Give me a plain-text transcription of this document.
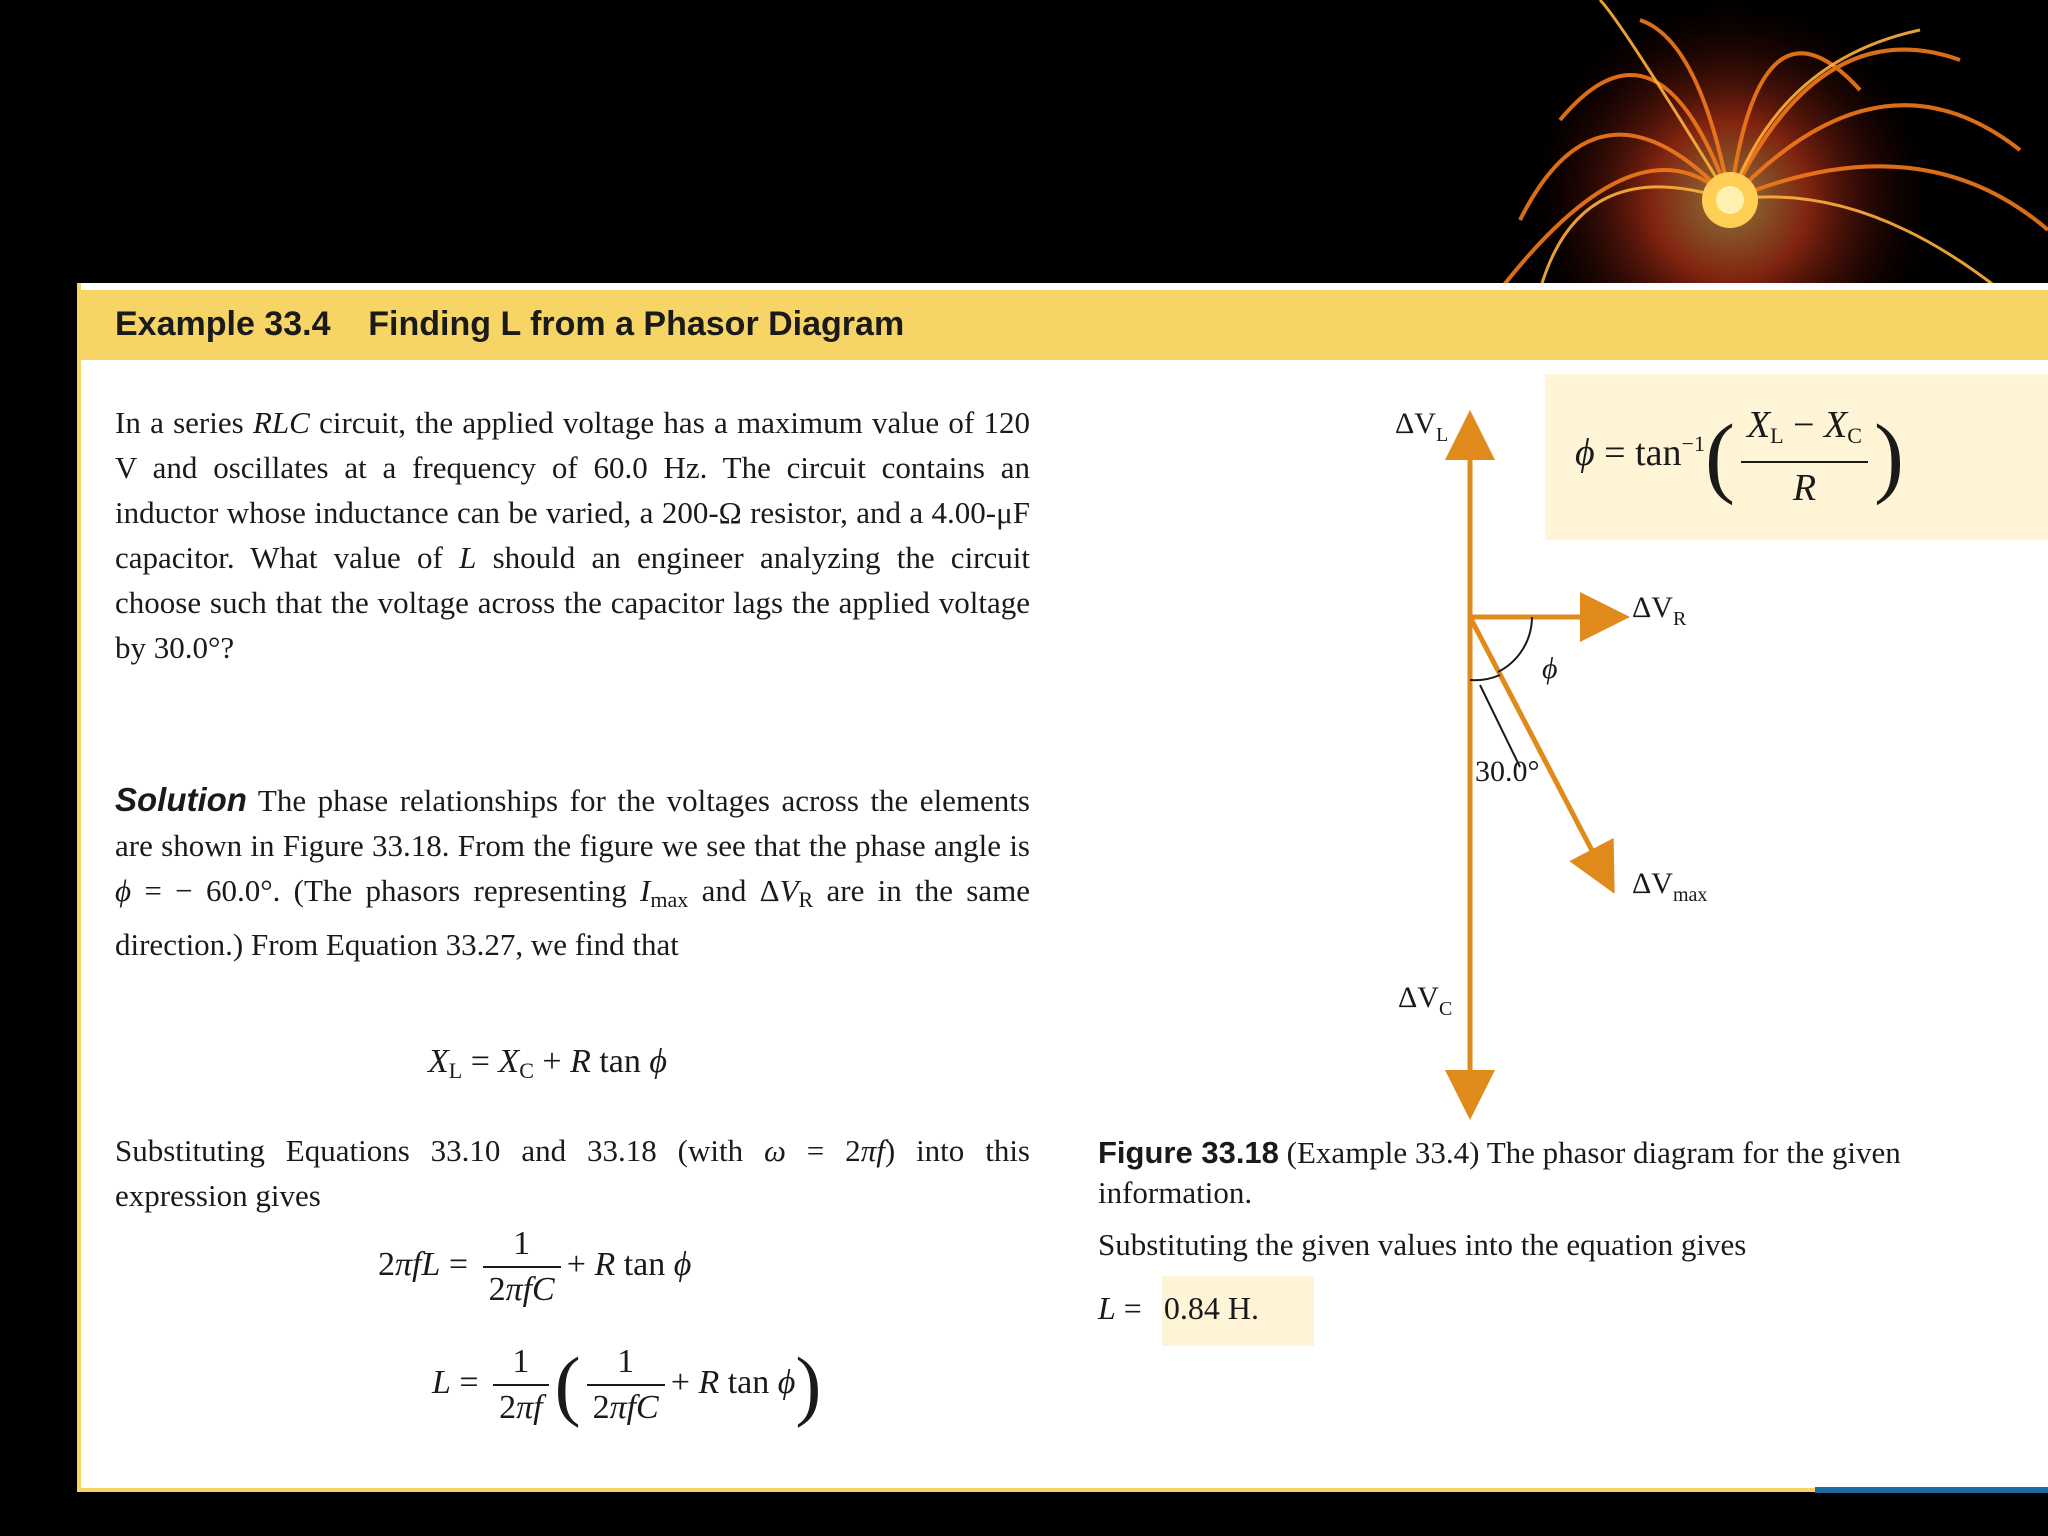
Example 33.4 Finding L from a Phasor Diagram
In a series RLC circuit, the applied voltage has a maximum value of 120 V and oscillates at a frequency of 60.0 Hz. The circuit contains an inductor whose inductance can be varied, a 200-Ω resistor, and a 4.00-μF capacitor. What value of L should an engineer analyzing the circuit choose such that the voltage across the capacitor lags the applied voltage by 30.0°?
Solution The phase relationships for the voltages across the elements are shown in Figure 33.18. From the figure we see that the phase angle is ϕ = − 60.0°. (The phasors representing $I_{max}$ and $\Delta V_R$ are in the same direction.) From Equation 33.27, we find that
$X_L = X_C + R$ tan ϕ
Substituting Equations 33.10 and 33.18 (with ω = 2πf) into this expression gives
$2\pi fL = \frac{1}{\text{2πfC}} + R$ tan ϕ
$L = \frac{1}{2\pi f}$ ( $\frac{1}{\text{2πfC}} + R$ tan ϕ)
$\Delta V_L$
$\Delta V_R$
$\Delta V_C$
$\Delta V_{max}$
ϕ
30.0°
$\phi = \tan^{-1}( \frac{X_L - X_C}{R}$ )
Figure 33.18 (Example 33.4) The phasor diagram for the given information.
Substituting the given values into the equation gives
L = 0.84 H.
